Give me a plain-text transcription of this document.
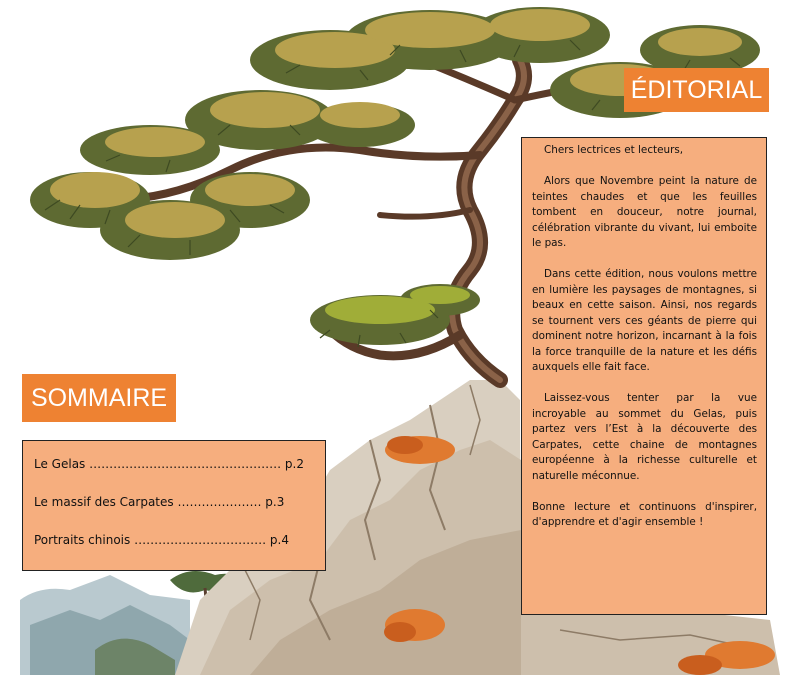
ÉDITORIAL

Chers lectrices et lecteurs,

Alors que Novembre peint la nature de teintes chaudes et que les feuilles tombent en douceur, notre journal, célébration vibrante du vivant, lui emboite le pas.

Dans cette édition, nous voulons mettre en lumière les paysages de montagnes, si beaux en cette saison. Ainsi, nos regards se tournent vers ces géants de pierre qui dominent notre horizon, incarnant à la fois la force tranquille de la nature et les défis auxquels elle fait face.

Laissez-vous tenter par la vue incroyable au sommet du Gelas, puis partez vers l’Est à la découverte des Carpates, cette chaine de montagnes européenne à la richesse culturelle et naturelle méconnue.

Bonne lecture et continuons d'inspirer, d'apprendre et d'agir ensemble !

SOMMAIRE
Le Gelas ………………………………………… p.2
Le massif des Carpates ………………… p.3
Portraits chinois …………………………… p.4
